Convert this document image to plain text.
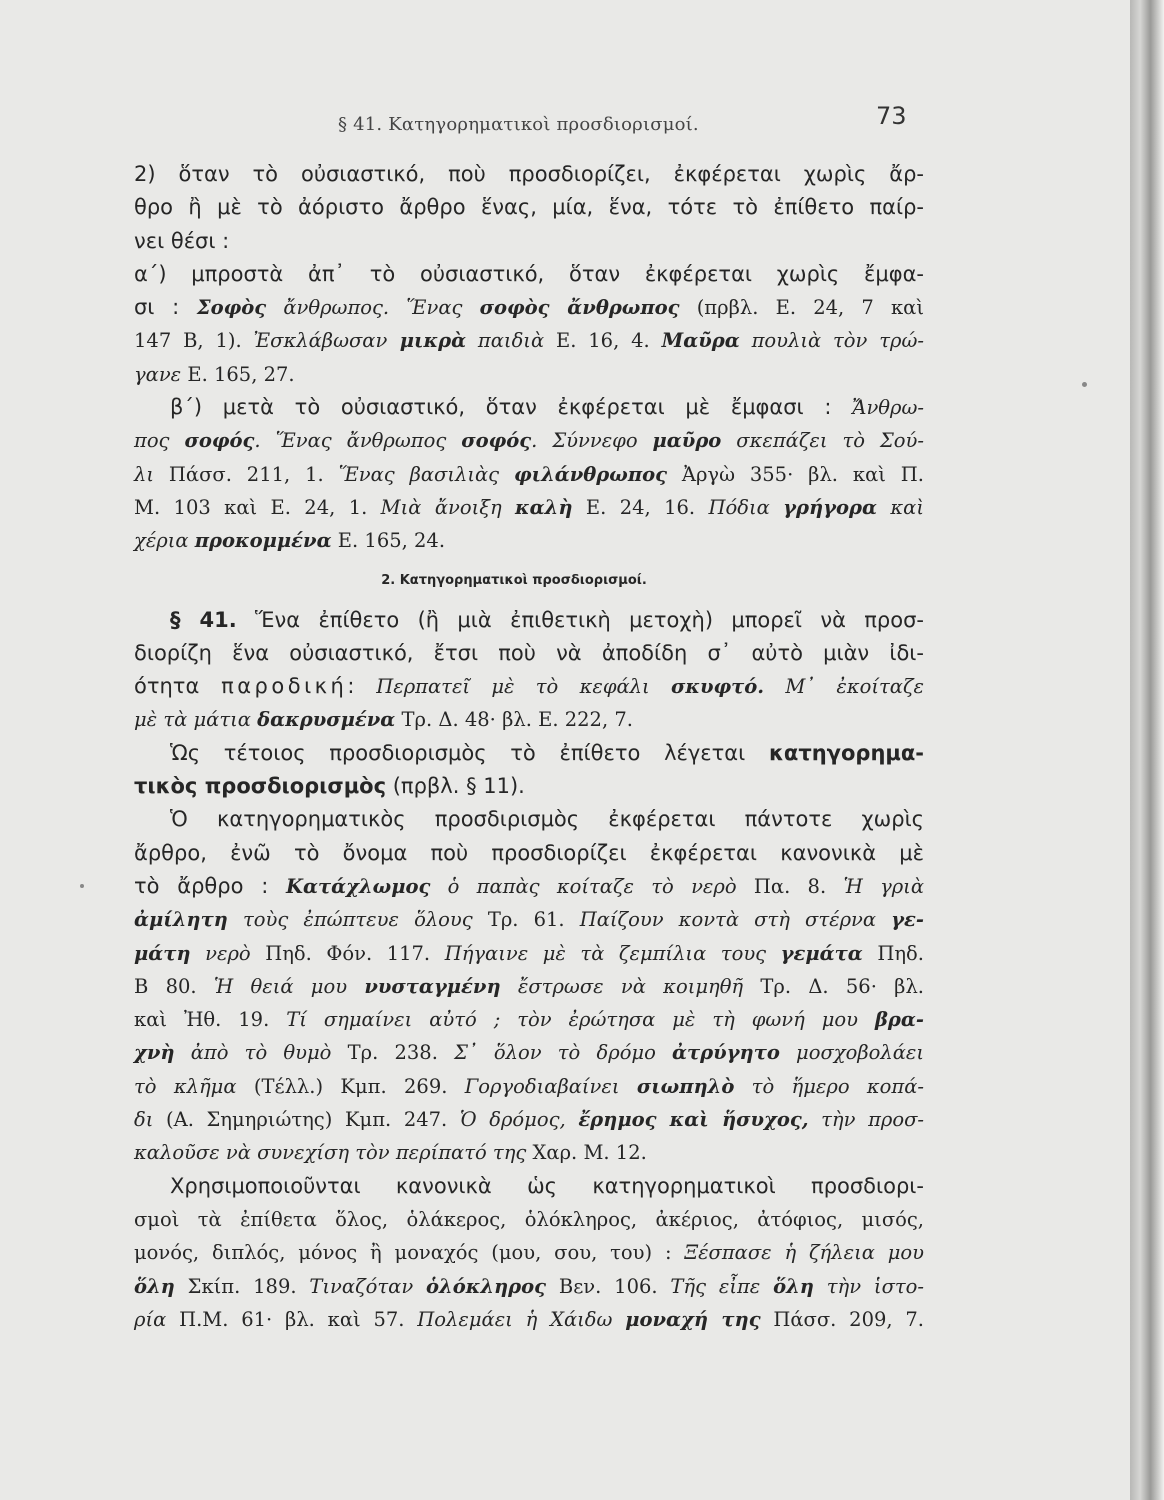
§ 41. Κατηγορηματικοὶ προσδιορισμοί.	73
2) ὅταν τὸ οὐσιαστικό, ποὺ προσδιορίζει, ἐκφέρεται χωρὶς ἄρ-
θρο ἢ μὲ τὸ ἀόριστο ἄρθρο ἕνας, μία, ἕνα, τότε τὸ ἐπίθετο παίρ-
νει θέσι :
α΄) μπροστὰ ἀπ᾿ τὸ οὐσιαστικό, ὅταν ἐκφέρεται χωρὶς ἔμφα-
σι : Σοφὸς ἄνθρωπος. Ἕνας σοφὸς ἄνθρωπος (πρβλ. Ε. 24, 7 καὶ
147 Β, 1). Ἐσκλάβωσαν μικρὰ παιδιὰ Ε. 16, 4. Μαῦρα πουλιὰ τὸν τρώ-
γανε Ε. 165, 27.
β΄) μετὰ τὸ οὐσιαστικό, ὅταν ἐκφέρεται μὲ ἔμφασι : Ἄνθρω-
πος σοφός. Ἕνας ἄνθρωπος σοφός. Σύννεφο μαῦρο σκεπάζει τὸ Σού-
λι Πάσσ. 211, 1. Ἕνας βασιλιὰς φιλάνθρωπος Ἀργὼ 355· βλ. καὶ Π.
Μ. 103 καὶ Ε. 24, 1. Μιὰ ἄνοιξη καλὴ Ε. 24, 16. Πόδια γρήγορα καὶ
χέρια προκομμένα Ε. 165, 24.
2. Κατηγορηματικοὶ προσδιορισμοί.
§ 41. Ἕνα ἐπίθετο (ἢ μιὰ ἐπιθετικὴ μετοχὴ) μπορεῖ νὰ προσ-
διορίζη ἕνα οὐσιαστικό, ἔτσι ποὺ νὰ ἀποδίδη σ᾿ αὐτὸ μιὰν ἰδι-
ότητα παροδική: Περπατεῖ μὲ τὸ κεφάλι σκυφτό. Μ᾿ ἐκοίταζε
μὲ τὰ μάτια δακρυσμένα Τρ. Δ. 48· βλ. Ε. 222, 7.
Ὡς τέτοιος προσδιορισμὸς τὸ ἐπίθετο λέγεται κατηγορημα-
τικὸς προσδιορισμὸς (πρβλ. § 11).
Ὁ κατηγορηματικὸς προσδιρισμὸς ἐκφέρεται πάντοτε χωρὶς
ἄρθρο, ἐνῶ τὸ ὄνομα ποὺ προσδιορίζει ἐκφέρεται κανονικὰ μὲ
τὸ ἄρθρο : Κατάχλωμος ὁ παπὰς κοίταζε τὸ νερὸ Πα. 8. Ἡ γριὰ
ἀμίλητη τοὺς ἐπώπτευε ὅλους Τρ. 61. Παίζουν κοντὰ στὴ στέρνα γε-
μάτη νερὸ Πηδ. Φόν. 117. Πήγαινε μὲ τὰ ζεμπίλια τους γεμάτα Πηδ.
Β 80. Ἡ θειά μου νυσταγμένη ἔστρωσε νὰ κοιμηθῆ Τρ. Δ. 56· βλ.
καὶ Ἠθ. 19. Τί σημαίνει αὐτό ; τὸν ἐρώτησα μὲ τὴ φωνή μου βρα-
χνὴ ἀπὸ τὸ θυμὸ Τρ. 238. Σ᾿ ὅλον τὸ δρόμο ἀτρύγητο μοσχοβολάει
τὸ κλῆμα (Τέλλ.) Κμπ. 269. Γοργοδιαβαίνει σιωπηλὸ τὸ ἥμερο κοπά-
δι (Α. Σημηριώτης) Κμπ. 247. Ὁ δρόμος, ἔρημος καὶ ἥσυχος, τὴν προσ-
καλοῦσε νὰ συνεχίση τὸν περίπατό της Χαρ. Μ. 12.
Χρησιμοποιοῦνται κανονικὰ ὡς κατηγορηματικοὶ προσδιορι-
σμοὶ τὰ ἐπίθετα ὅλος, ὁλάκερος, ὁλόκληρος, ἀκέριος, ἀτόφιος, μισός,
μονός, διπλός, μόνος ἢ μοναχός (μου, σου, του) : Ξέσπασε ἡ ζήλεια μου
ὅλη Σκίπ. 189. Τιναζόταν ὁλόκληρος Βεν. 106. Τῆς εἶπε ὅλη τὴν ἱστο-
ρία Π.Μ. 61· βλ. καὶ 57. Πολεμάει ἡ Χάιδω μοναχή της Πάσσ. 209, 7.
